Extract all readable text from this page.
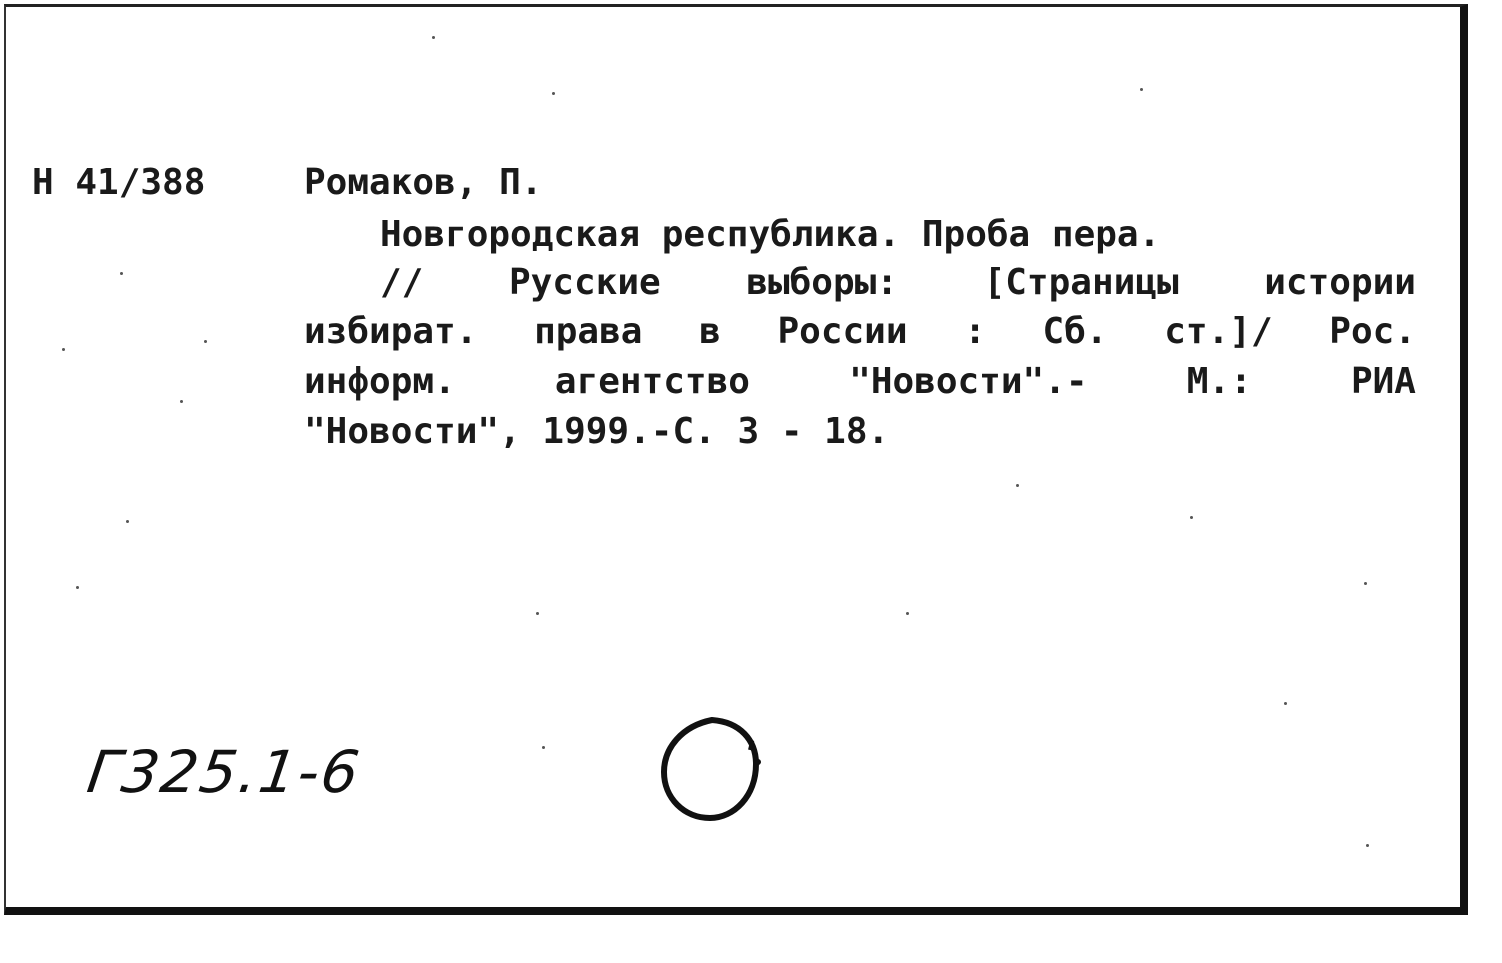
Н 41/388	Ромаков, П.
Новгородская республика. Проба пера.
// Русские выборы: [Страницы истории
избират. права в России : Сб. ст.]/ Рос.
информ.	агентство	"Новости".-	М.:	РИА
"Новости", 1999.-С. 3 - 18.
Г325.1-6
